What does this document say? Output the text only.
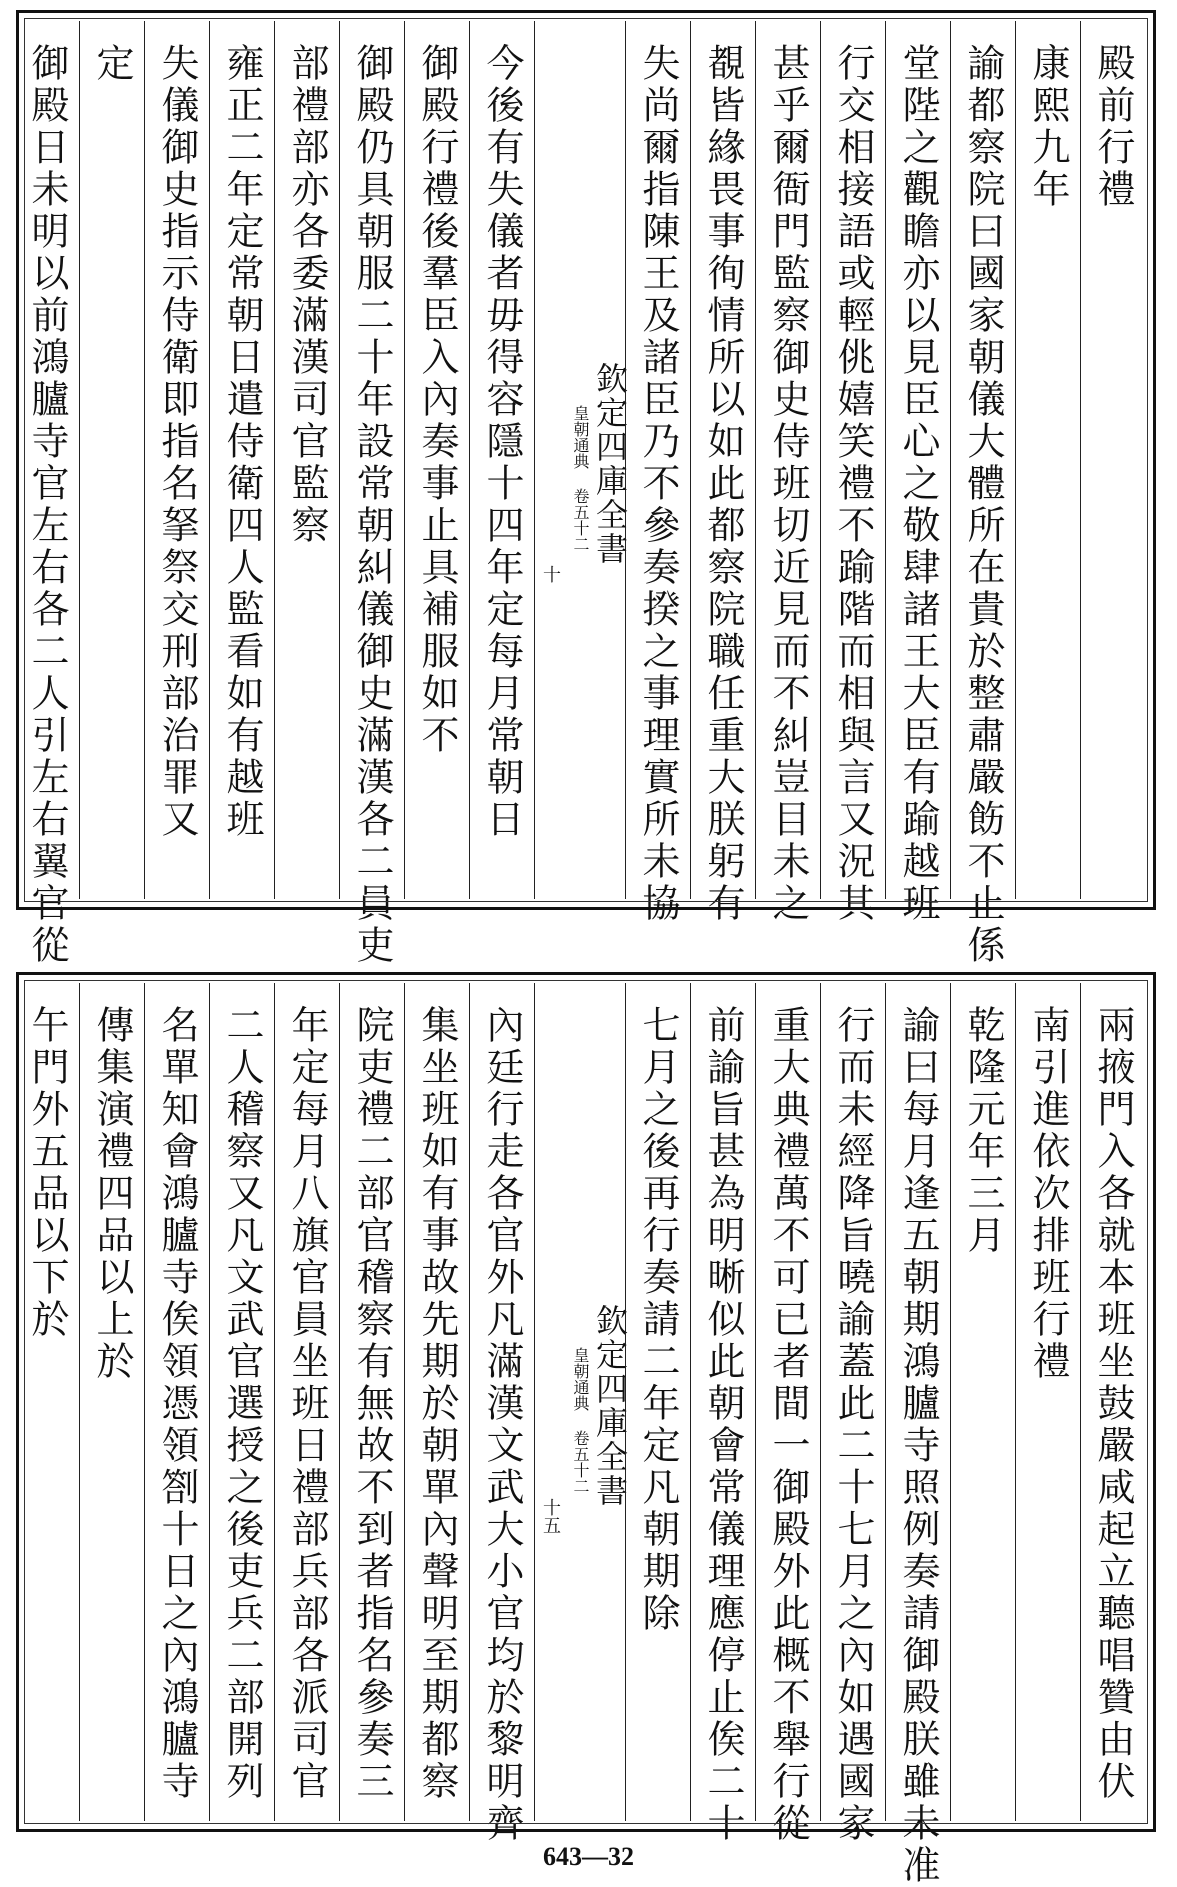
殿前行禮
康熙九年
諭都察院曰國家朝儀大體所在貴於整肅嚴飭不止係
堂陛之觀瞻亦以見臣心之敬肆諸王大臣有踰越班
行交相接語或輕佻嬉笑禮不踰階而相與言又況其
甚乎爾衙門監察御史侍班切近見而不糾豈目未之
覩皆緣畏事徇情所以如此都察院職任重大朕躬有
失尚爾指陳王及諸臣乃不參奏揆之事理實所未協
欽定四庫全書
皇朝通典 卷五十二
十
今後有失儀者毋得容隱十四年定每月常朝日
御殿行禮後羣臣入內奏事止具補服如不
御殿仍具朝服二十年設常朝糾儀御史滿漢各二員吏
部禮部亦各委滿漢司官監察
雍正二年定常朝日遣侍衛四人監看如有越班
失儀御史指示侍衛即指名拏祭交刑部治罪又
定
御殿日未明以前鴻臚寺官左右各二人引左右翼官從
兩掖門入各就本班坐鼓嚴咸起立聽唱贊由伏
南引進依次排班行禮
乾隆元年三月
諭曰每月逢五朝期鴻臚寺照例奏請御殿朕雖未准
行而未經降旨曉諭蓋此二十七月之內如遇國家
重大典禮萬不可已者間一御殿外此概不舉行從
前諭旨甚為明晰似此朝會常儀理應停止俟二十
七月之後再行奏請二年定凡朝期除
欽定四庫全書
皇朝通典 卷五十二
十五
內廷行走各官外凡滿漢文武大小官均於黎明齊
集坐班如有事故先期於朝單內聲明至期都察
院吏禮二部官稽察有無故不到者指名參奏三
年定每月八旗官員坐班日禮部兵部各派司官
二人稽察又凡文武官選授之後吏兵二部開列
名單知會鴻臚寺俟領憑領劄十日之內鴻臚寺
傳集演禮四品以上於
午門外五品以下於
643—32
